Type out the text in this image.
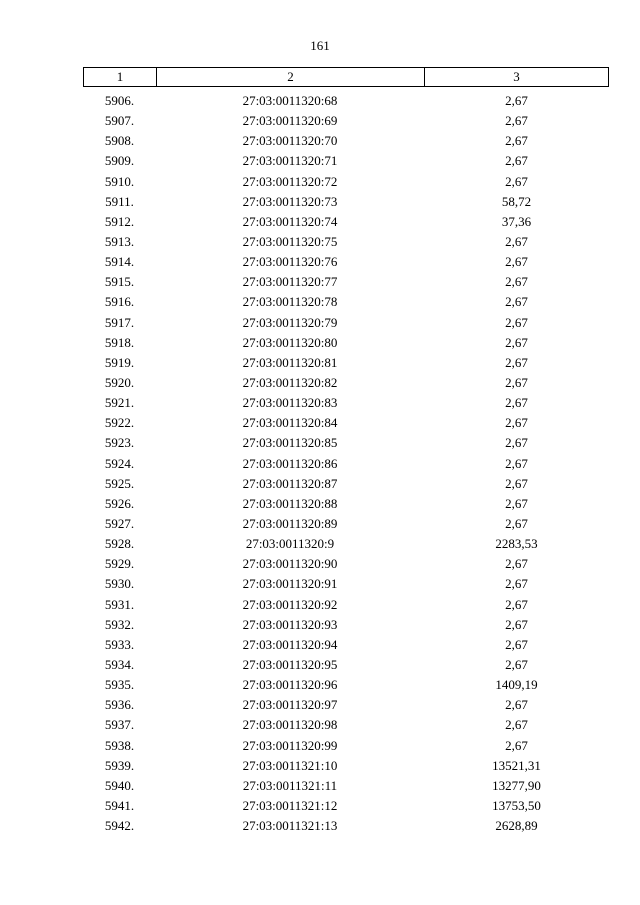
161
1	2	3
5906.	27:03:0011320:68	2,67
5907.	27:03:0011320:69	2,67
5908.	27:03:0011320:70	2,67
5909.	27:03:0011320:71	2,67
5910.	27:03:0011320:72	2,67
5911.	27:03:0011320:73	58,72
5912.	27:03:0011320:74	37,36
5913.	27:03:0011320:75	2,67
5914.	27:03:0011320:76	2,67
5915.	27:03:0011320:77	2,67
5916.	27:03:0011320:78	2,67
5917.	27:03:0011320:79	2,67
5918.	27:03:0011320:80	2,67
5919.	27:03:0011320:81	2,67
5920.	27:03:0011320:82	2,67
5921.	27:03:0011320:83	2,67
5922.	27:03:0011320:84	2,67
5923.	27:03:0011320:85	2,67
5924.	27:03:0011320:86	2,67
5925.	27:03:0011320:87	2,67
5926.	27:03:0011320:88	2,67
5927.	27:03:0011320:89	2,67
5928.	27:03:0011320:9	2283,53
5929.	27:03:0011320:90	2,67
5930.	27:03:0011320:91	2,67
5931.	27:03:0011320:92	2,67
5932.	27:03:0011320:93	2,67
5933.	27:03:0011320:94	2,67
5934.	27:03:0011320:95	2,67
5935.	27:03:0011320:96	1409,19
5936.	27:03:0011320:97	2,67
5937.	27:03:0011320:98	2,67
5938.	27:03:0011320:99	2,67
5939.	27:03:0011321:10	13521,31
5940.	27:03:0011321:11	13277,90
5941.	27:03:0011321:12	13753,50
5942.	27:03:0011321:13	2628,89
